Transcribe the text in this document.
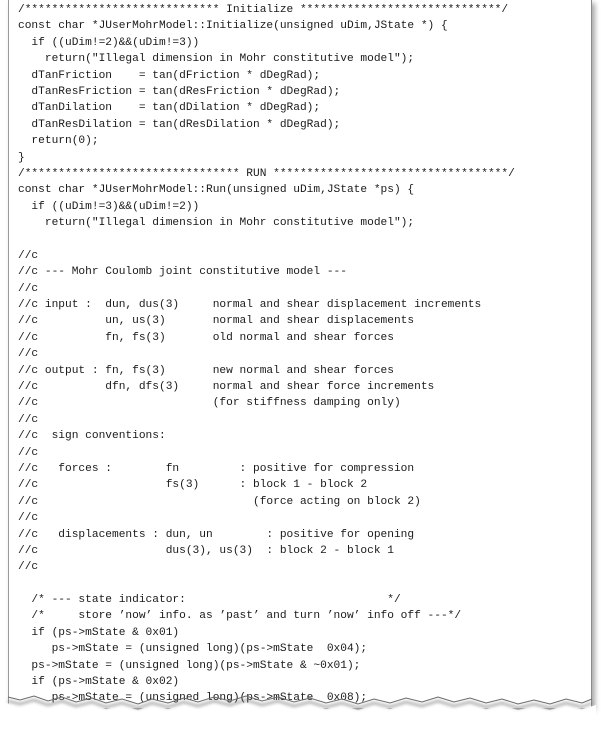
/***************************** Initialize ******************************/
const char *JUserMohrModel::Initialize(unsigned uDim,JState *) {
if ((uDim!=2)&&(uDim!=3))
return("Illegal dimension in Mohr constitutive model");
dTanFriction    = tan(dFriction * dDegRad);
dTanResFriction = tan(dResFriction * dDegRad);
dTanDilation    = tan(dDilation * dDegRad);
dTanResDilation = tan(dResDilation * dDegRad);
return(0);
}
/******************************** RUN ***********************************/
const char *JUserMohrModel::Run(unsigned uDim,JState *ps) {
if ((uDim!=3)&&(uDim!=2))
return("Illegal dimension in Mohr constitutive model");
//c
//c --- Mohr Coulomb joint constitutive model ---
//c
//c input :  dun, dus(3)     normal and shear displacement increments
//c          un, us(3)       normal and shear displacements
//c          fn, fs(3)       old normal and shear forces
//c
//c output : fn, fs(3)       new normal and shear forces
//c          dfn, dfs(3)     normal and shear force increments
//c                          (for stiffness damping only)
//c
//c  sign conventions:
//c
//c   forces :        fn         : positive for compression
//c                   fs(3)      : block 1 - block 2
//c                                (force acting on block 2)
//c
//c   displacements : dun, un        : positive for opening
//c                   dus(3), us(3)  : block 2 - block 1
//c
/* --- state indicator:                              */
/*     store ’now’ info. as ’past’ and turn ’now’ info off ---*/
if (ps->mState & 0x01)
ps->mState = (unsigned long)(ps->mState  0x04);
ps->mState = (unsigned long)(ps->mState & ~0x01);
if (ps->mState & 0x02)
ps->mState = (unsigned long)(ps->mState  0x08);
